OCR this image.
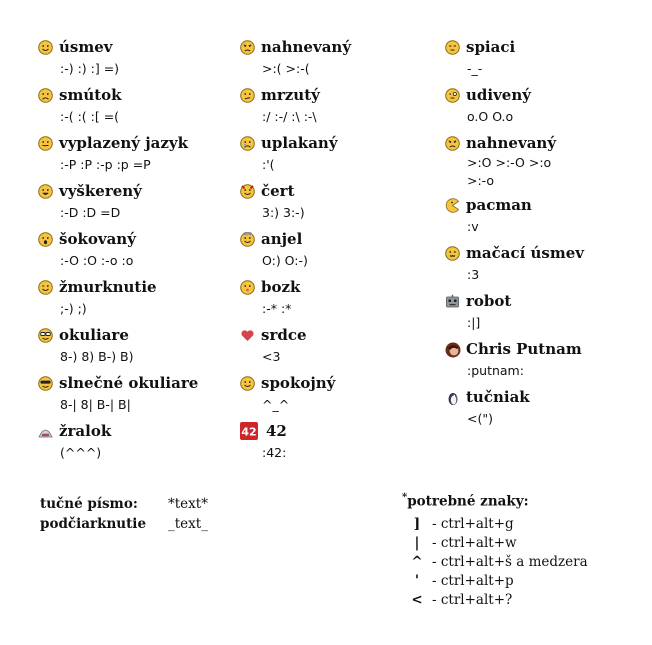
úsmev
:-) :) :] =)
smútok
:-( :( :[ =(
vyplazený jazyk
:-P :P :-p :p =P
vyškerený
:-D :D =D
šokovaný
:-O :O :-o :o
žmurknutie
;-) ;)
okuliare
8-) 8) B-) B)
slnečné okuliare
8-| 8| B-| B|
žralok
(^^^)
nahnevaný
>:( >:-(
mrzutý
:/ :-/ :\ :-\
uplakaný
:'(
čert
3:) 3:-)
anjel
O:) O:-)
bozk
:-* :*
srdce
<3
spokojný
^_^
42 42
:42:
spiaci
-_-
udivený
o.O O.o
nahnevaný
>:O >:-O >:o
>:-o
pacman
:v
mačací úsmev
:3
robot
:|]
Chris Putnam
:putnam:
tučniak
<(")
tučné písmo:	*text*
podčiarknutie	_text_
*potrebné znaky:
] - ctrl+alt+g
| - ctrl+alt+w
^ - ctrl+alt+š a medzera
' - ctrl+alt+p
< - ctrl+alt+?
